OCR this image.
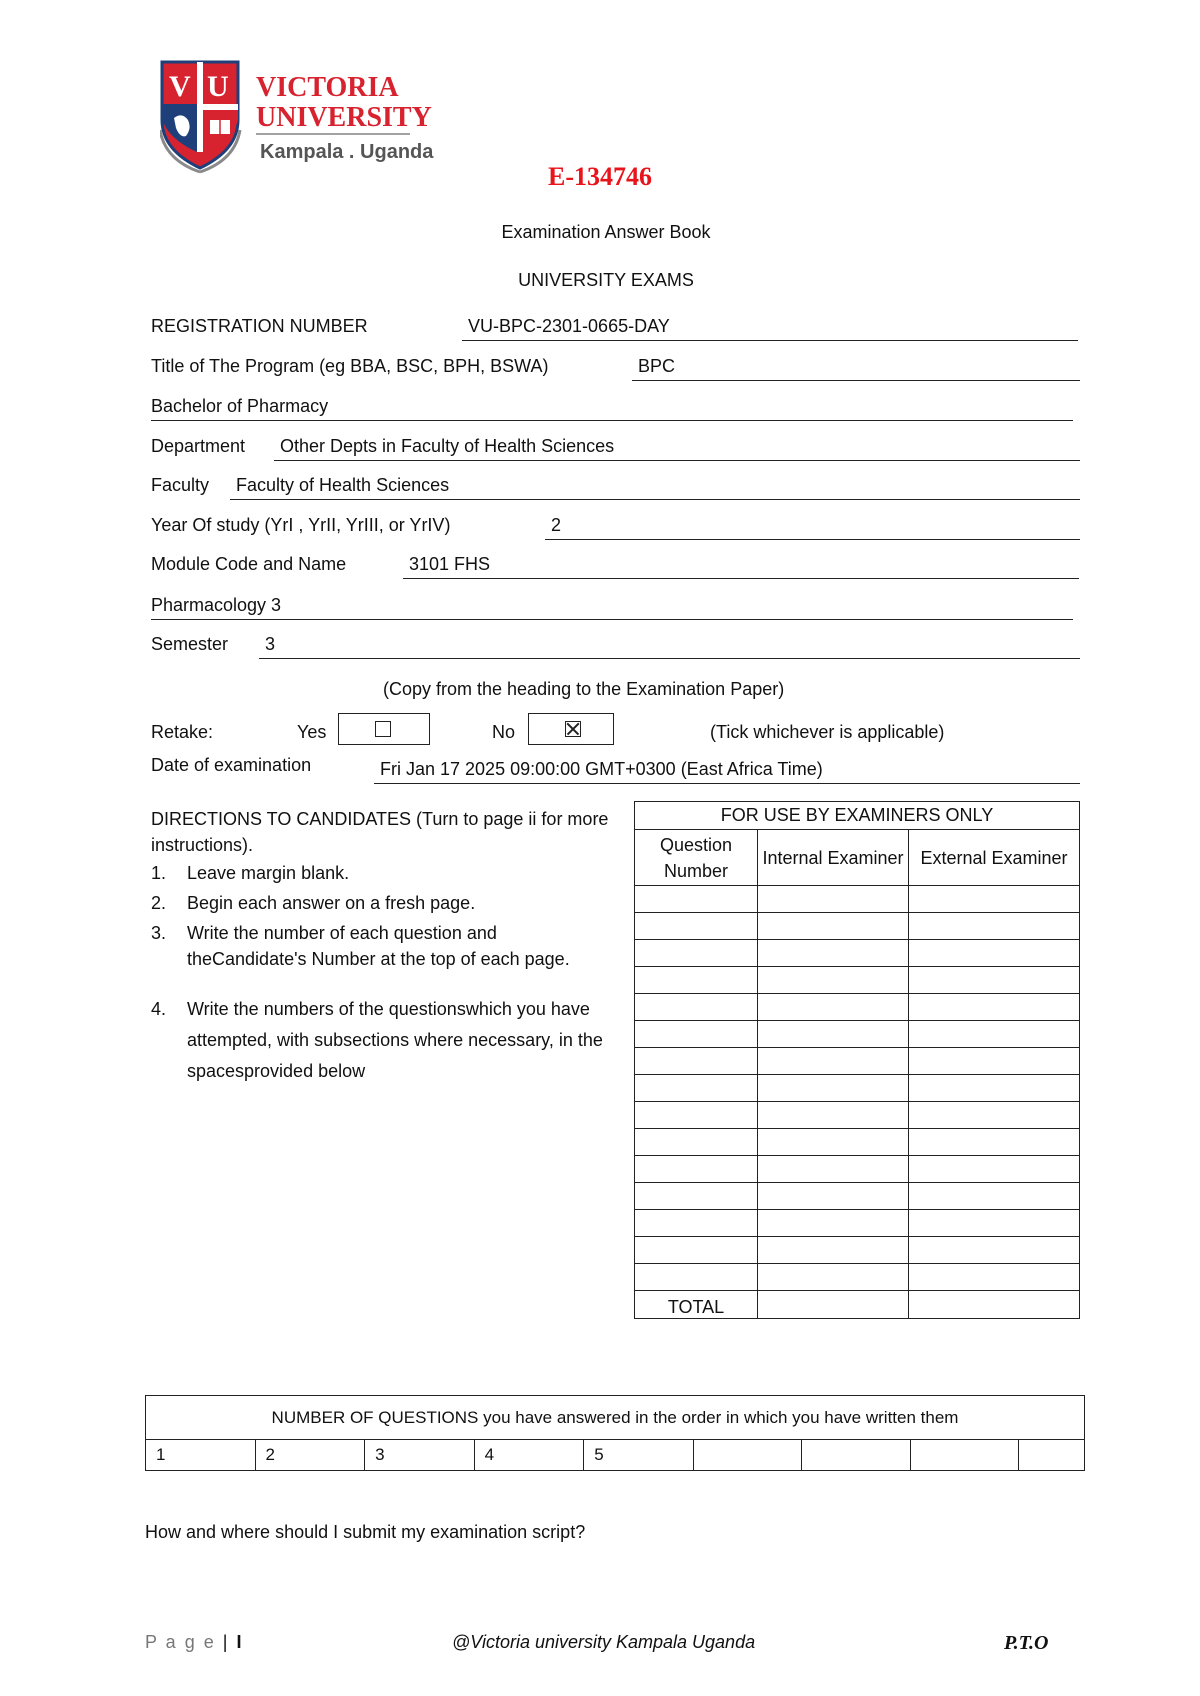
V U VICTORIA
UNIVERSITY
Kampala . Uganda
E-134746
Examination Answer Book
UNIVERSITY EXAMS
REGISTRATION NUMBER	VU-BPC-2301-0665-DAY
Title of The Program (eg BBA, BSC, BPH, BSWA)	BPC
Bachelor of Pharmacy
Department	Other Depts in Faculty of Health Sciences
Faculty	Faculty of Health Sciences
Year Of study (YrI , YrII, YrIII, or YrIV)	2
Module Code and Name	3101 FHS
Pharmacology 3
Semester	3
(Copy from the heading to the Examination Paper)
Retake:	Yes	No	(Tick whichever is applicable)
Date of examination	Fri Jan 17 2025 09:00:00 GMT+0300 (East Africa Time)
DIRECTIONS TO CANDIDATES (Turn to page ii for more instructions).
1.	Leave margin blank.
2.	Begin each answer on a fresh page.
3.	Write the number of each question and theCandidate's Number at the top of each page.
4.	Write the numbers of the questionswhich you have attempted, with subsections where necessary, in the spacesprovided below
FOR USE BY EXAMINERS ONLY		
Question Number	Internal Examiner	External Examiner

TOTAL		
NUMBER OF QUESTIONS you have answered in the order in which you have written them
1	2	3	4	5				
How and where should I submit my examination script?
P a g e | I	@Victoria university Kampala Uganda	P.T.O
